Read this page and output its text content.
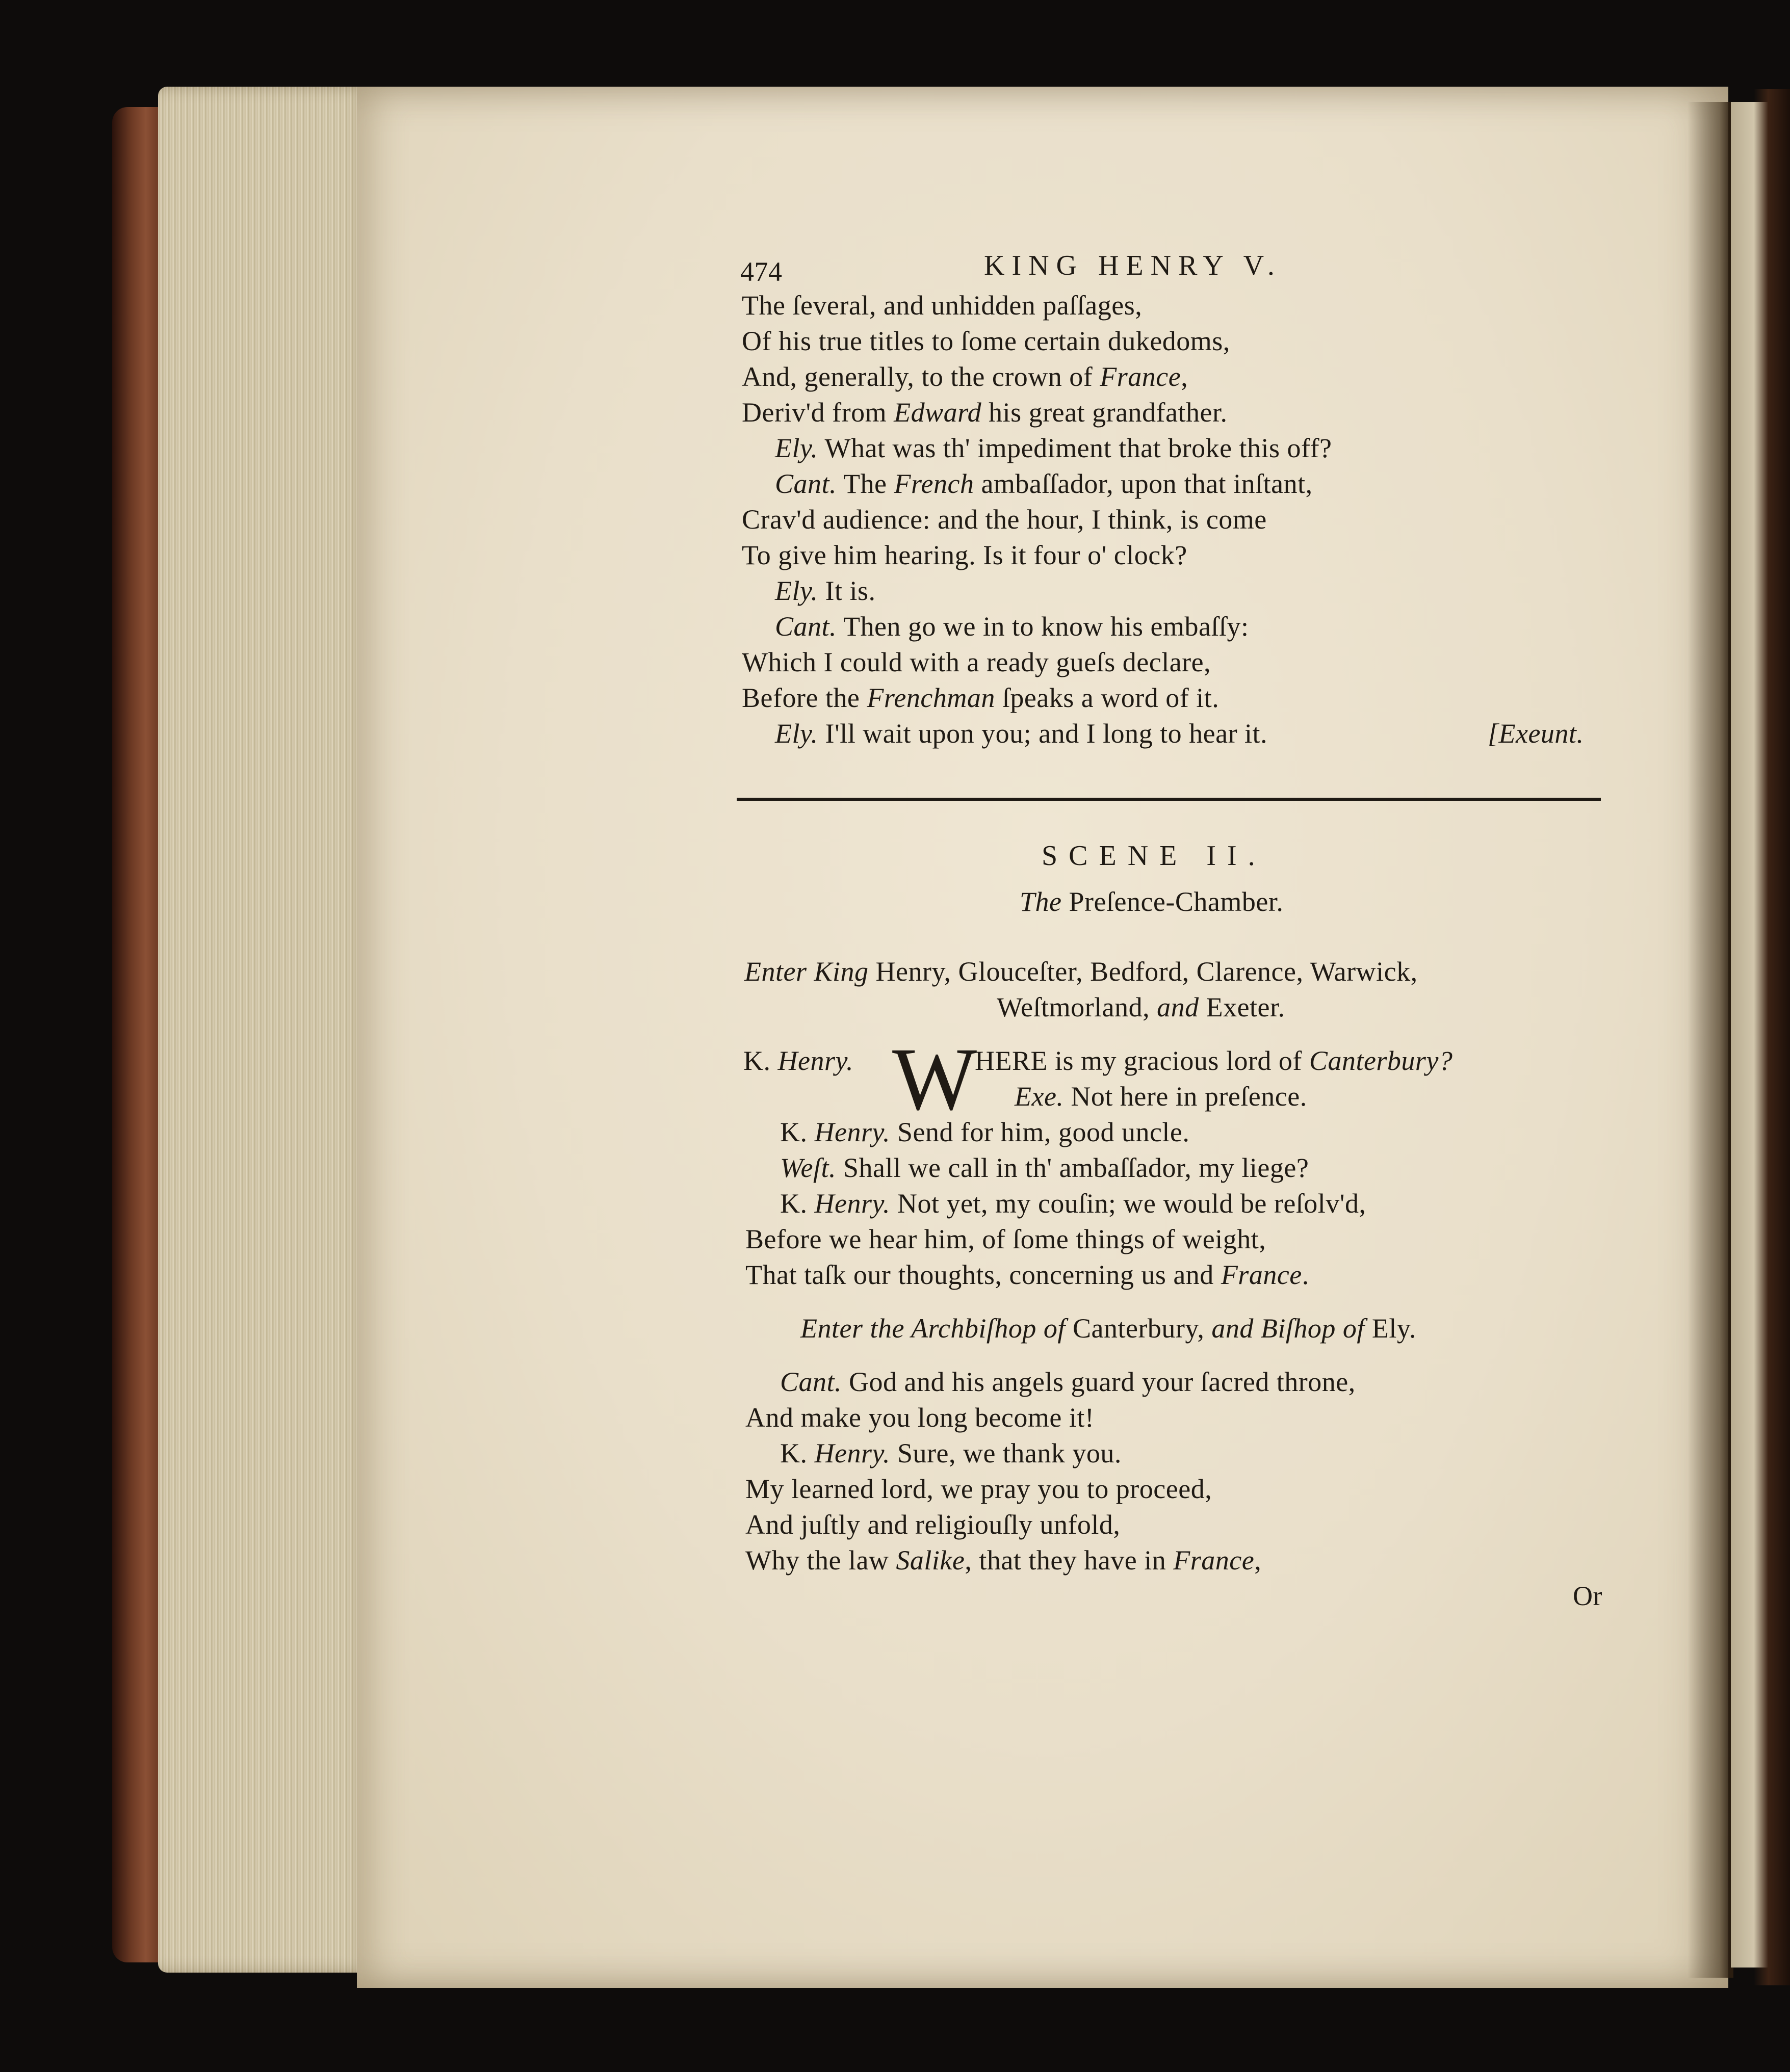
474	KING HENRY V.
The ſeveral, and unhidden paſſages,
Of his true titles to ſome certain dukedoms,
And, generally, to the crown of France,
Deriv'd from Edward his great grandfather.
Ely. What was th' impediment that broke this off?
Cant. The French ambaſſador, upon that inſtant,
Crav'd audience: and the hour, I think, is come
To give him hearing. Is it four o' clock?
Ely. It is.
Cant. Then go we in to know his embaſſy:
Which I could with a ready gueſs declare,
Before the Frenchman ſpeaks a word of it.
Ely. I'll wait upon you; and I long to hear it.	[Exeunt.
SCENE II.
The Preſence-Chamber.
Enter King Henry, Glouceſter, Bedford, Clarence, Warwick,
Weſtmorland, and Exeter.
K. Henry. W
HERE is my gracious lord of Canterbury?
Exe. Not here in preſence.
K. Henry. Send for him, good uncle.
Weſt. Shall we call in th' ambaſſador, my liege?
K. Henry. Not yet, my couſin; we would be reſolv'd,
Before we hear him, of ſome things of weight,
That taſk our thoughts, concerning us and France.
Enter the Archbiſhop of Canterbury, and Biſhop of Ely.
Cant. God and his angels guard your ſacred throne,
And make you long become it!
K. Henry. Sure, we thank you.
My learned lord, we pray you to proceed,
And juſtly and religiouſly unfold,
Why the law Salike, that they have in France,
Or
